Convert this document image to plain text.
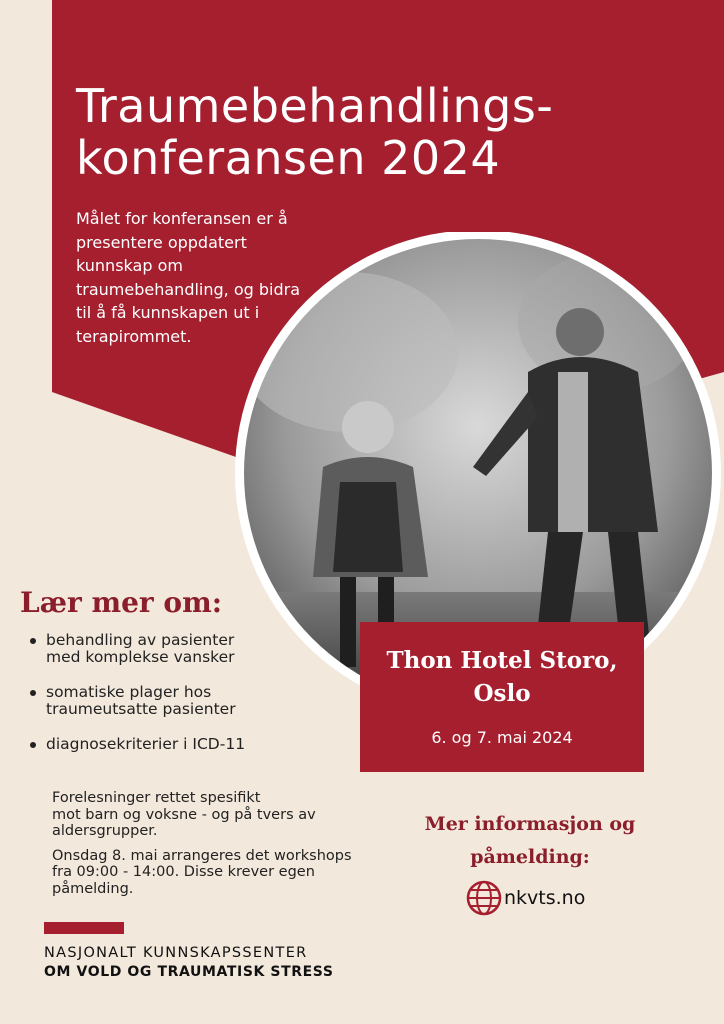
Traumebehandlings-
konferansen 2024

Målet for konferansen er å
presentere oppdatert
kunnskap om
traumebehandling, og bidra
til å få kunnskapen ut i
terapirommet.

Lær mer om:
behandling av pasienter
med komplekse vansker
somatiske plager hos
traumeutsatte pasienter
diagnosekriterier i ICD-11

Thon Hotel Storo,
Oslo

6. og 7. mai 2024

Forelesninger rettet spesifikt
mot barn og voksne - og på tvers av
aldersgrupper.

Onsdag 8. mai arrangeres det workshops
fra 09:00 - 14:00. Disse krever egen
påmelding.

Mer informasjon og
påmelding:

nkvts.no

NASJONALT KUNNSKAPSSENTER

OM VOLD OG TRAUMATISK STRESS
